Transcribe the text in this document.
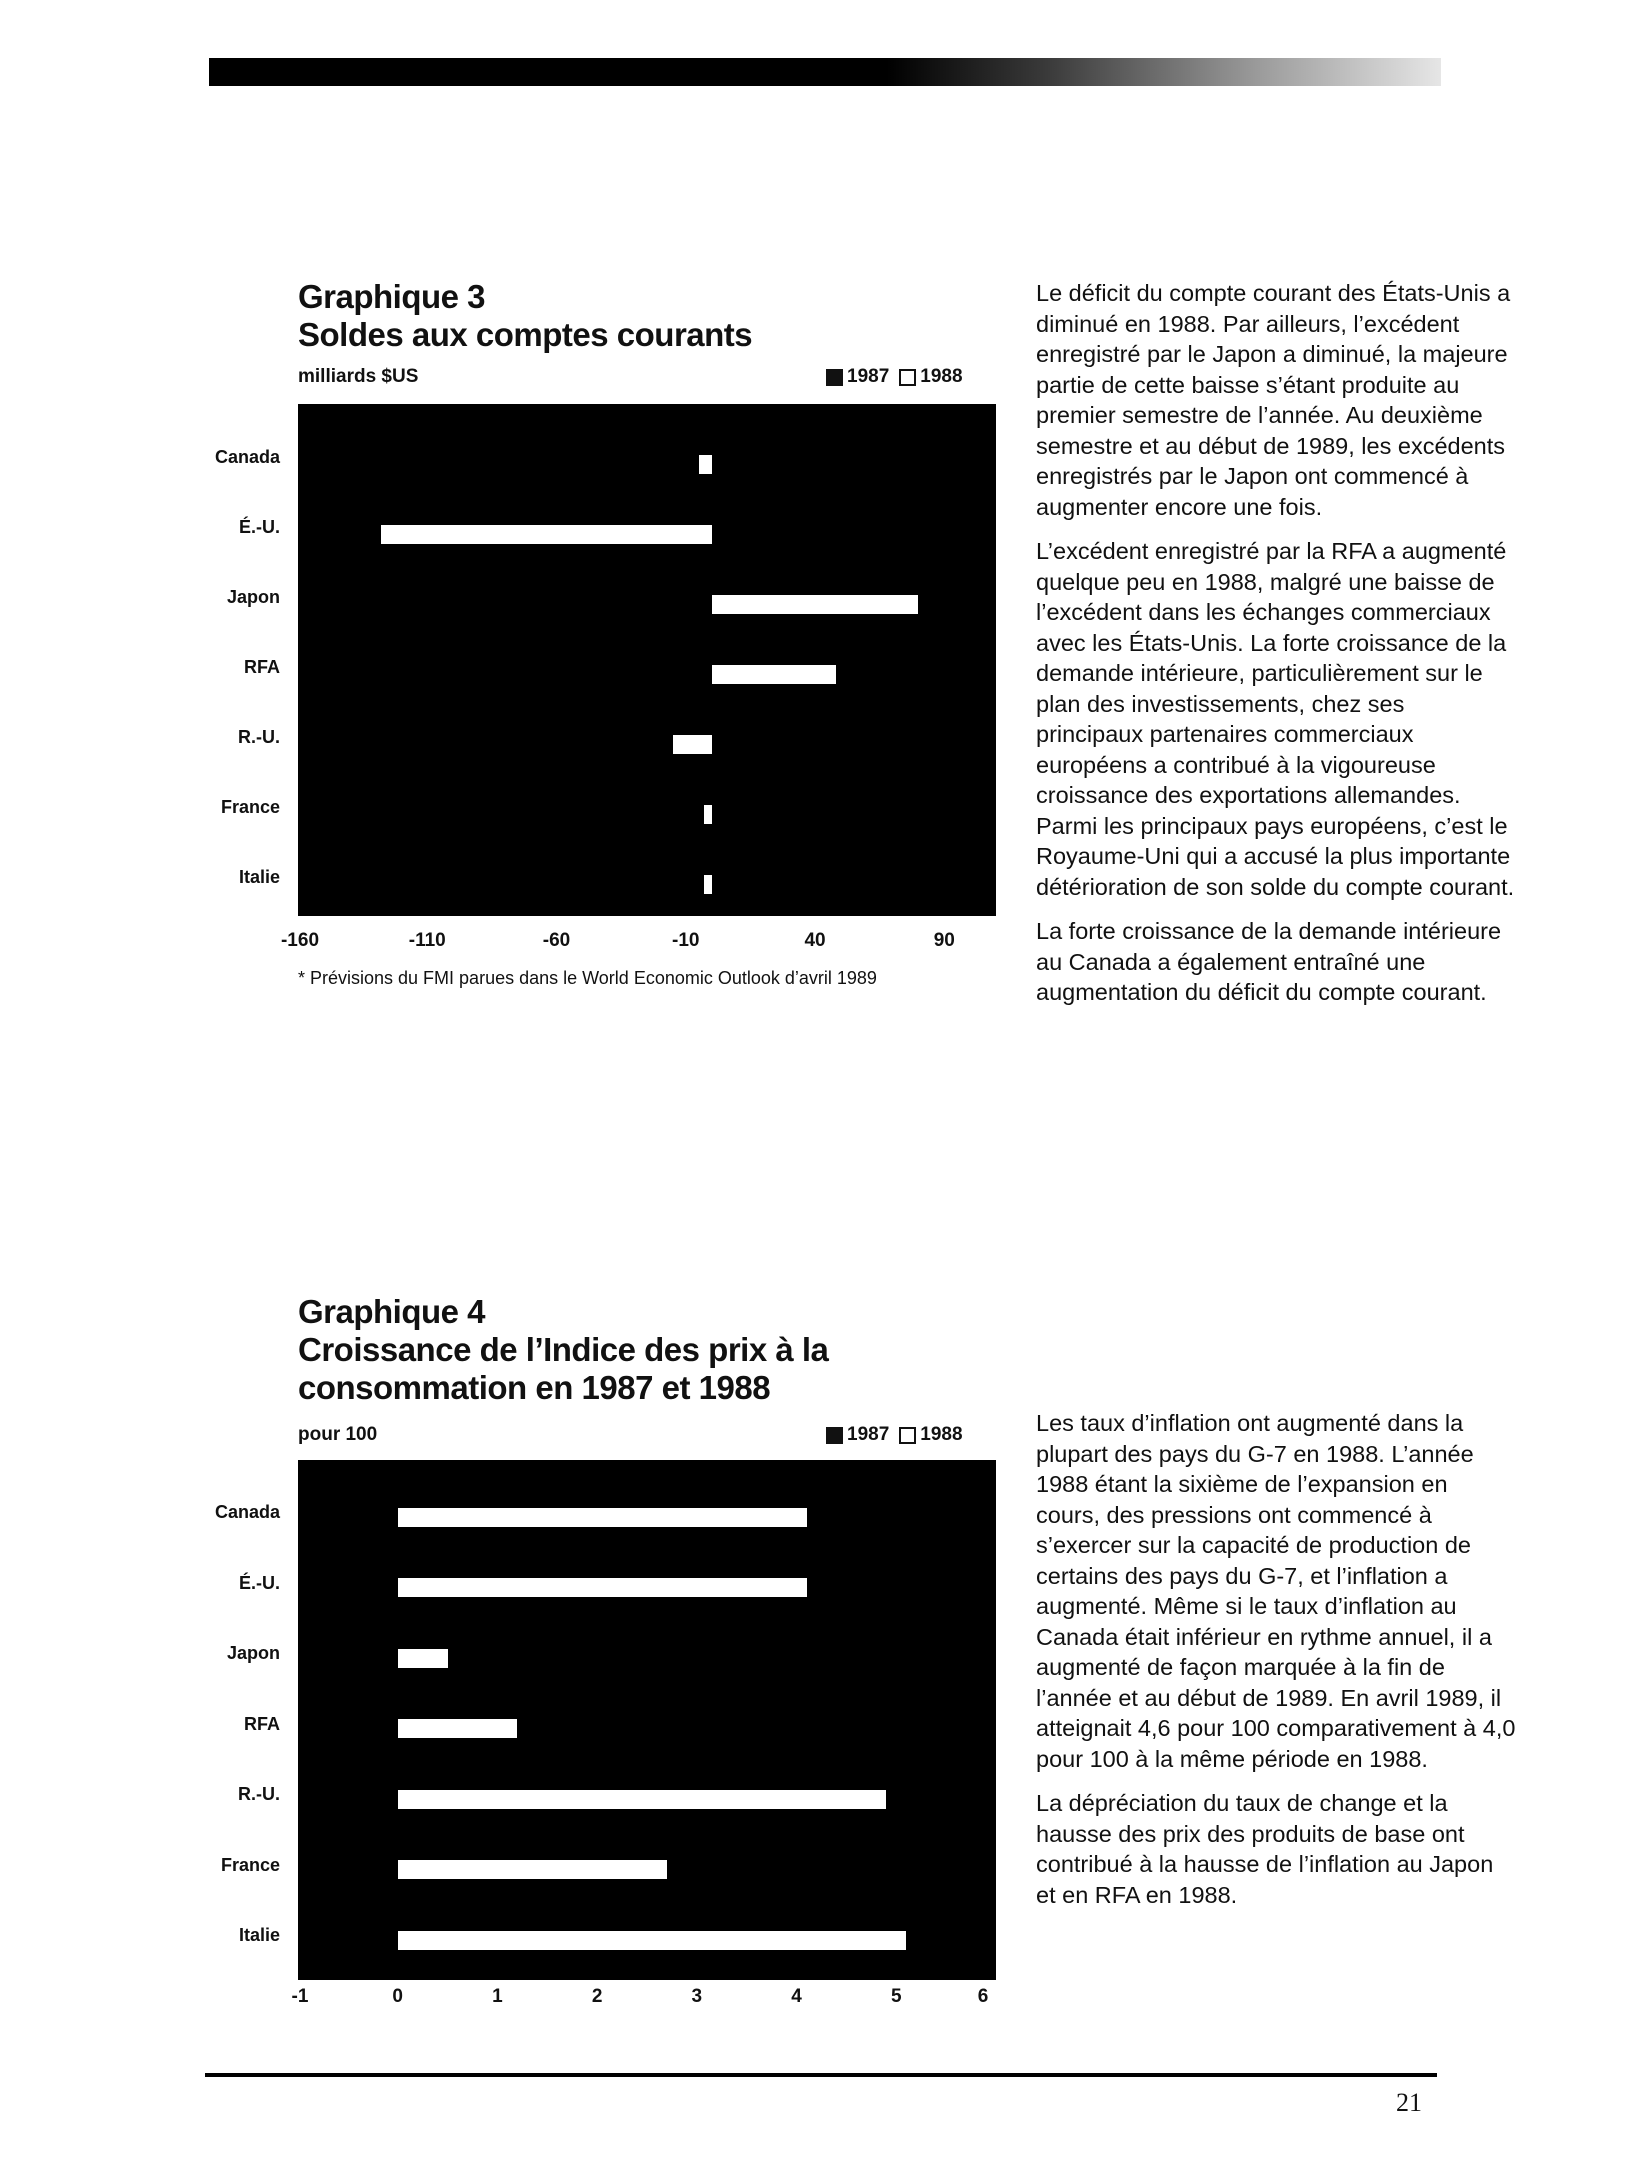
Graphique 3
Soldes aux comptes courants
milliards $US	1987 1988
Canada
É.-U.
Japon
RFA
R.-U.
France
Italie
-160	-110	-60	-10	40	90
* Prévisions du FMI parues dans le World Economic Outlook d’avril 1989
Graphique 4
Croissance de l’Indice des prix à la
consommation en 1987 et 1988
pour 100	1987 1988
Canada
É.-U.
Japon
RFA
R.-U.
France
Italie
-1	0	1	2	3	4	5	6

Le déficit du compte courant des États-Unis a diminué en 1988. Par ailleurs, l’excédent enregistré par le Japon a diminué, la majeure partie de cette baisse s’étant produite au premier semestre de l’année. Au deuxième semestre et au début de 1989, les excédents enregistrés par le Japon ont commencé à augmenter encore une fois.

L’excédent enregistré par la RFA a augmenté quelque peu en 1988, malgré une baisse de l’excédent dans les échanges commerciaux avec les États-Unis. La forte croissance de la demande intérieure, particulièrement sur le plan des investissements, chez ses principaux partenaires commerciaux européens a contribué à la vigoureuse croissance des exportations allemandes. Parmi les principaux pays européens, c’est le Royaume-Uni qui a accusé la plus importante détérioration de son solde du compte courant.

La forte croissance de la demande intérieure au Canada a également entraîné une augmentation du déficit du compte courant.

Les taux d’inflation ont augmenté dans la plupart des pays du G-7 en 1988. L’année 1988 étant la sixième de l’expansion en cours, des pressions ont commencé à s’exercer sur la capacité de production de certains des pays du G-7, et l’inflation a augmenté. Même si le taux d’inflation au Canada était inférieur en rythme annuel, il a augmenté de façon marquée à la fin de l’année et au début de 1989. En avril 1989, il atteignait 4,6 pour 100 comparativement à 4,0 pour 100 à la même période en 1988.

La dépréciation du taux de change et la hausse des prix des produits de base ont contribué à la hausse de l’inflation au Japon et en RFA en 1988.

21
